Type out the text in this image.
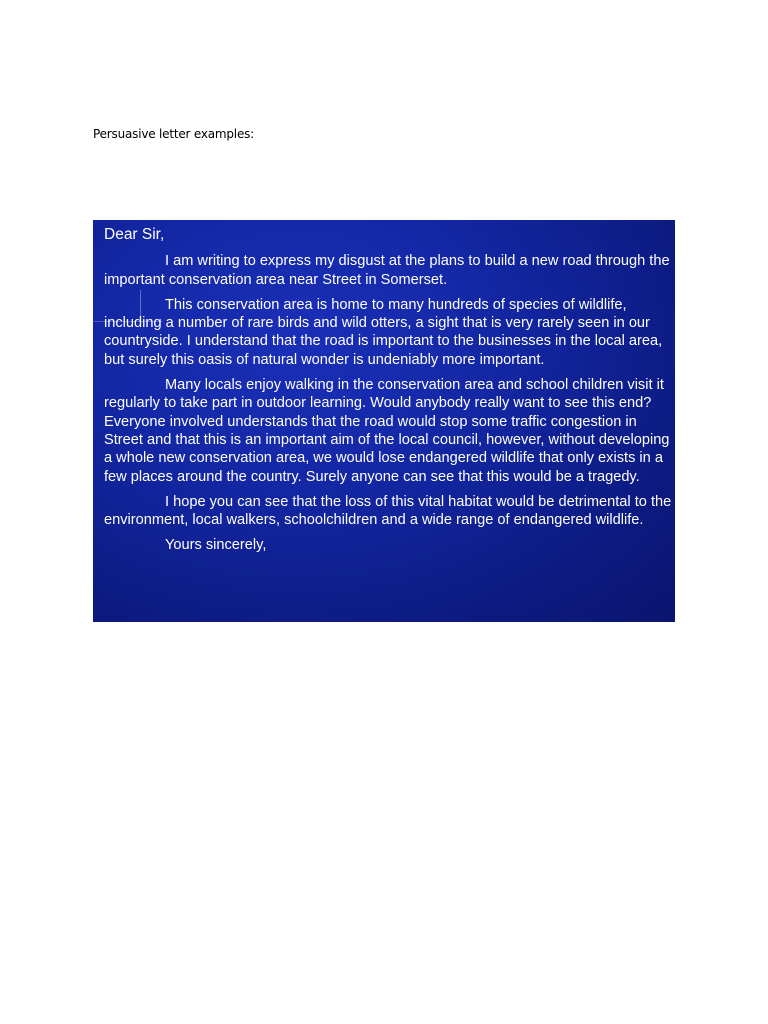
Persuasive letter examples:

Dear Sir,

I am writing to express my disgust at the plans to build a new road through the important conservation area near Street in Somerset.

This conservation area is home to many hundreds of species of wildlife, including a number of rare birds and wild otters, a sight that is very rarely seen in our countryside. I understand that the road is important to the businesses in the local area, but surely this oasis of natural wonder is undeniably more important.

Many locals enjoy walking in the conservation area and school children visit it regularly to take part in outdoor learning. Would anybody really want to see this end? Everyone involved understands that the road would stop some traffic congestion in Street and that this is an important aim of the local council, however, without developing a whole new conservation area, we would lose endangered wildlife that only exists in a few places around the country. Surely anyone can see that this would be a tragedy.

I hope you can see that the loss of this vital habitat would be detrimental to the environment, local walkers, schoolchildren and a wide range of endangered wildlife.

Yours sincerely,
